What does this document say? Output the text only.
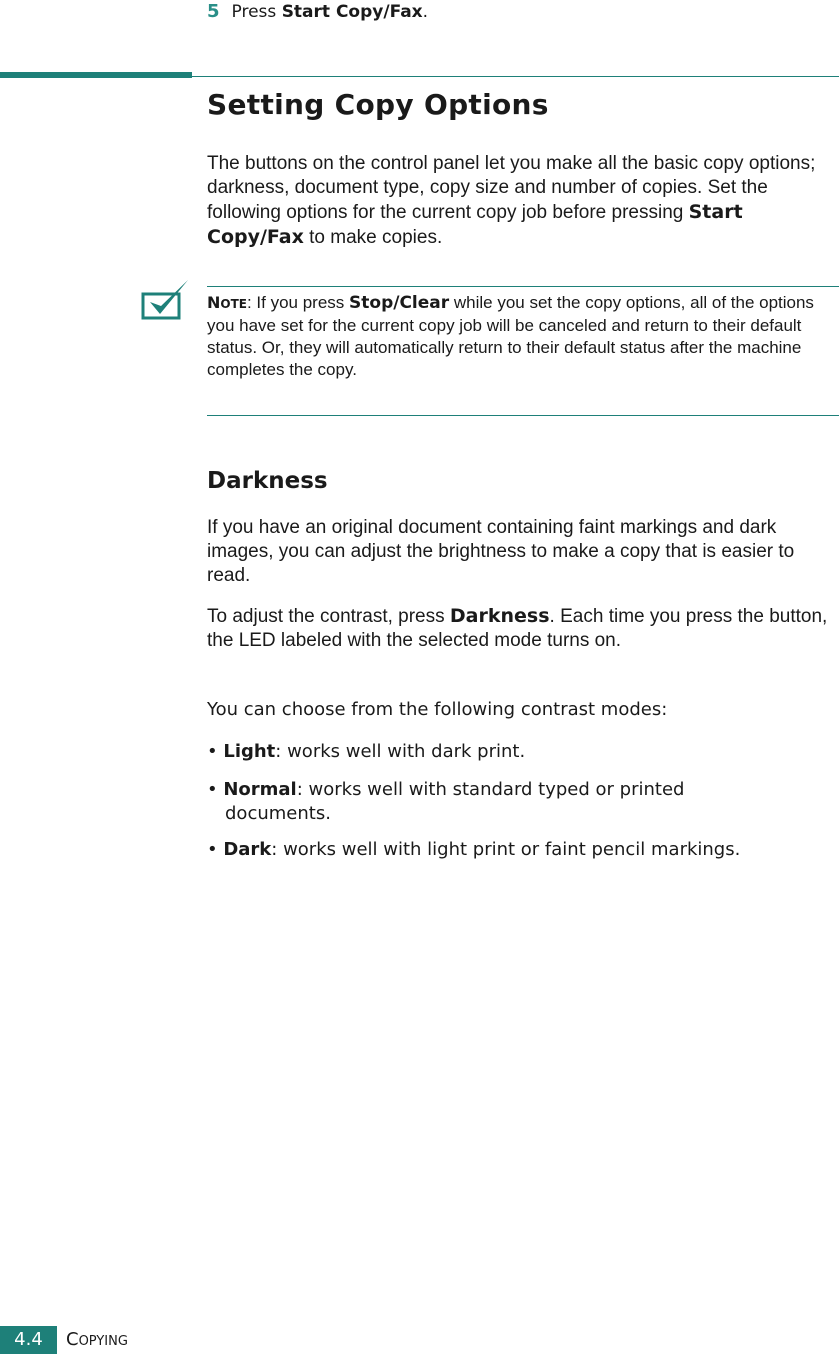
5 Press Start Copy/Fax.
Setting Copy Options
The buttons on the control panel let you make all the basic copy options; darkness, document type, copy size and number of copies. Set the following options for the current copy job before pressing Start Copy/Fax to make copies.
NOTE: If you press Stop/Clear while you set the copy options, all of the options you have set for the current copy job will be canceled and return to their default status. Or, they will automatically return to their default status after the machine completes the copy.
Darkness
If you have an original document containing faint markings and dark images, you can adjust the brightness to make a copy that is easier to read.
To adjust the contrast, press Darkness. Each time you press the button, the LED labeled with the selected mode turns on.
You can choose from the following contrast modes:
• Light: works well with dark print.
• Normal: works well with standard typed or printed
documents.
• Dark: works well with light print or faint pencil markings.
4.4	COPYING
